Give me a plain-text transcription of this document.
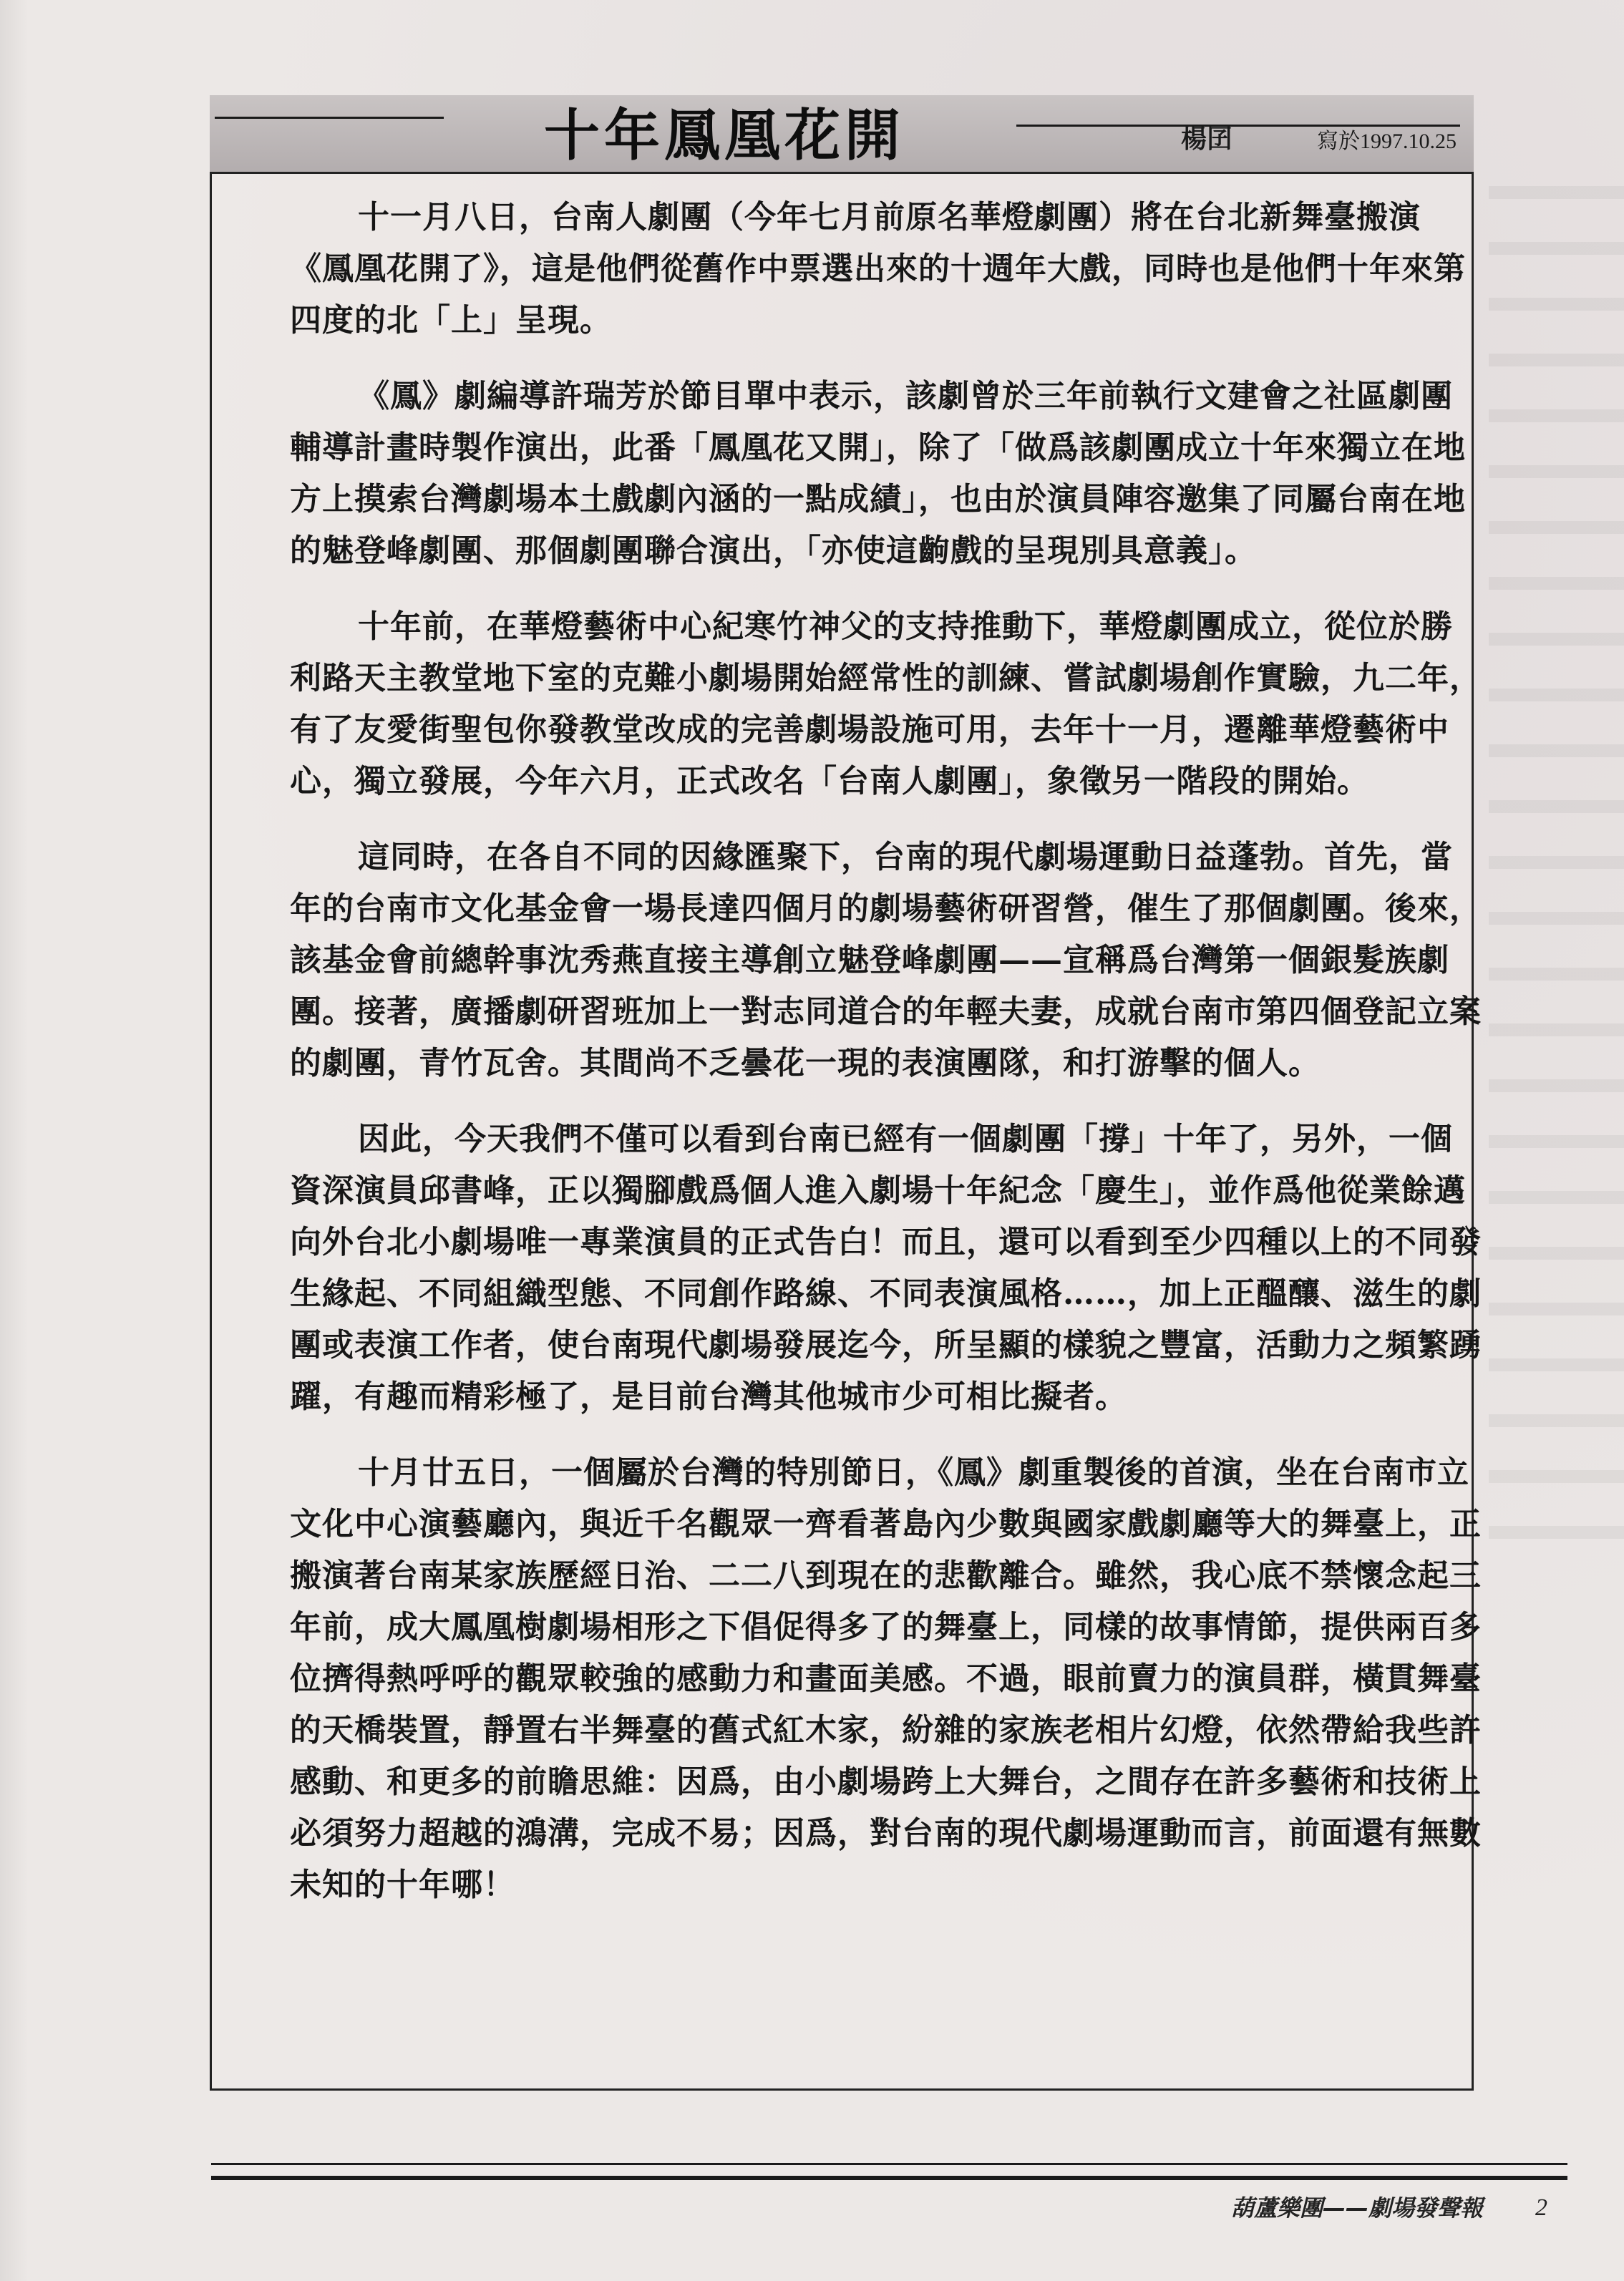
十年鳳凰花開	楊囝	寫於1997.10.25

十一月八日，台南人劇團（今年七月前原名華燈劇團）將在台北新舞臺搬演《鳳凰花開了》，這是他們從舊作中票選出來的十週年大戲，同時也是他們十年來第四度的北「上」呈現。

《鳳》劇編導許瑞芳於節目單中表示，該劇曾於三年前執行文建會之社區劇團輔導計畫時製作演出，此番「鳳凰花又開」，除了「做爲該劇團成立十年來獨立在地方上摸索台灣劇場本土戲劇內涵的一點成績」，也由於演員陣容邀集了同屬台南在地的魅登峰劇團、那個劇團聯合演出，「亦使這齣戲的呈現別具意義」。

十年前，在華燈藝術中心紀寒竹神父的支持推動下，華燈劇團成立，從位於勝利路天主教堂地下室的克難小劇場開始經常性的訓練、嘗試劇場創作實驗，九二年，有了友愛街聖包你發教堂改成的完善劇場設施可用，去年十一月，遷離華燈藝術中心，獨立發展，今年六月，正式改名「台南人劇團」，象徵另一階段的開始。

這同時，在各自不同的因緣匯聚下，台南的現代劇場運動日益蓬勃。首先，當年的台南市文化基金會一場長達四個月的劇場藝術研習營，催生了那個劇團。後來，該基金會前總幹事沈秀燕直接主導創立魅登峰劇團——宣稱爲台灣第一個銀髮族劇團。接著，廣播劇研習班加上一對志同道合的年輕夫妻，成就台南市第四個登記立案的劇團，青竹瓦舍。其間尚不乏曇花一現的表演團隊，和打游擊的個人。

因此，今天我們不僅可以看到台南已經有一個劇團「撐」十年了，另外，一個資深演員邱書峰，正以獨腳戲爲個人進入劇場十年紀念「慶生」，並作爲他從業餘邁向外台北小劇場唯一專業演員的正式告白！而且，還可以看到至少四種以上的不同發生緣起、不同組織型態、不同創作路線、不同表演風格……，加上正醞釀、滋生的劇團或表演工作者，使台南現代劇場發展迄今，所呈顯的樣貌之豐富，活動力之頻繁踴躍，有趣而精彩極了，是目前台灣其他城市少可相比擬者。

十月廿五日，一個屬於台灣的特別節日，《鳳》劇重製後的首演，坐在台南市立文化中心演藝廳內，與近千名觀眾一齊看著島內少數與國家戲劇廳等大的舞臺上，正搬演著台南某家族歷經日治、二二八到現在的悲歡離合。雖然，我心底不禁懷念起三年前，成大鳳凰樹劇場相形之下倡促得多了的舞臺上，同樣的故事情節，提供兩百多位擠得熱呼呼的觀眾較強的感動力和畫面美感。不過，眼前賣力的演員群，橫貫舞臺的天橋裝置，靜置右半舞臺的舊式紅木家，紛雜的家族老相片幻燈，依然帶給我些許感動、和更多的前瞻思維：因爲，由小劇場跨上大舞台，之間存在許多藝術和技術上必須努力超越的鴻溝，完成不易；因爲，對台南的現代劇場運動而言，前面還有無數未知的十年哪！

葫蘆樂團——劇場發聲報 2
